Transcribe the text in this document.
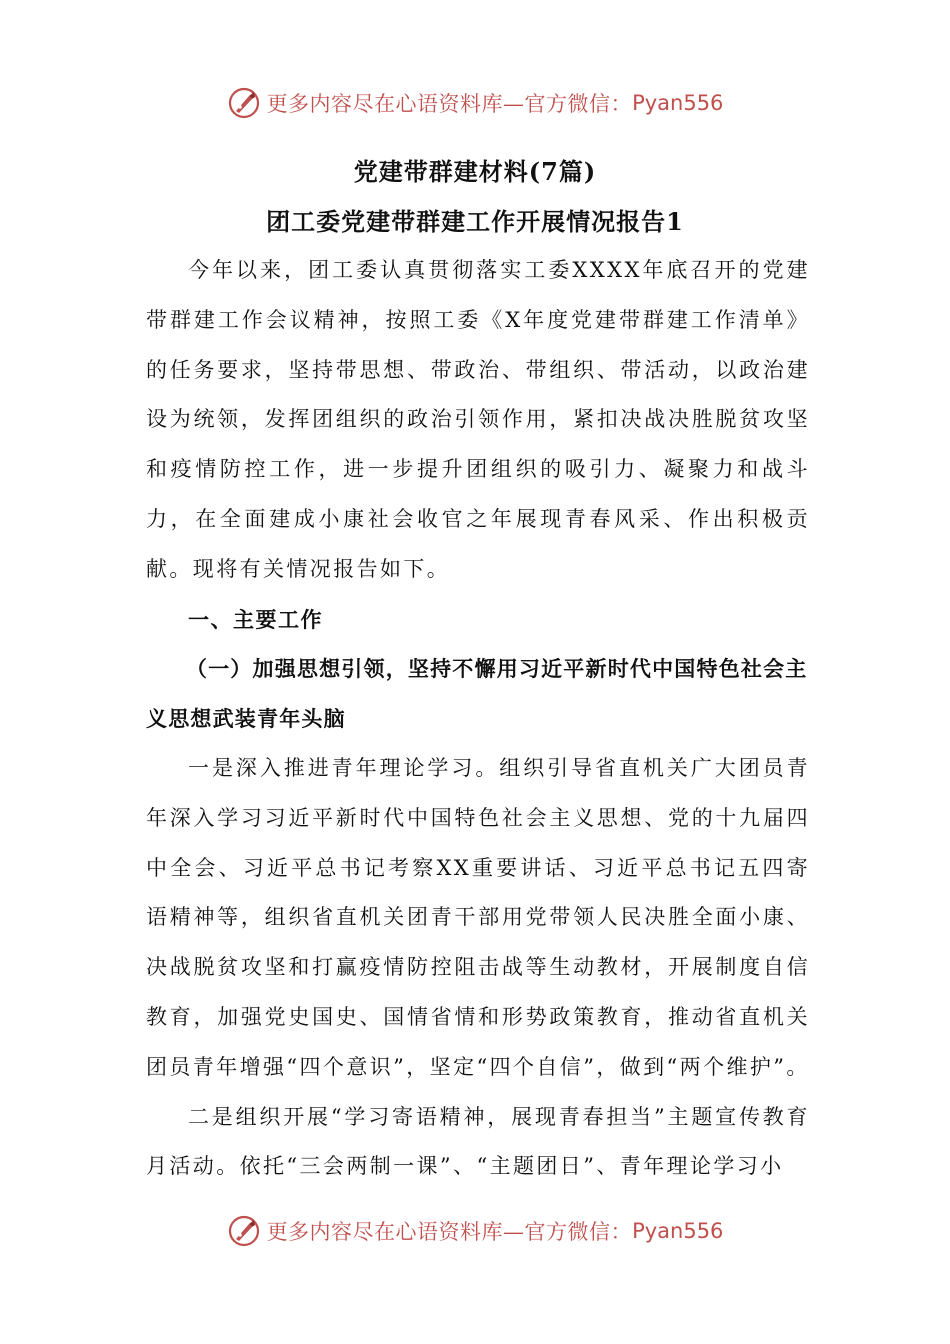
更多内容尽在心语资料库—官方微信： Pyan556
党建带群建材料(7篇)
团工委党建带群建工作开展情况报告1

今年以来，团工委认真贯彻落实工委XXXX年底召开的党建带群建工作会议精神，按照工委《X年度党建带群建工作清单》的任务要求，坚持带思想、带政治、带组织、带活动，以政治建设为统领，发挥团组织的政治引领作用，紧扣决战决胜脱贫攻坚和疫情防控工作，进一步提升团组织的吸引力、凝聚力和战斗力，在全面建成小康社会收官之年展现青春风采、作出积极贡献。现将有关情况报告如下。

一、主要工作

（一）加强思想引领，坚持不懈用习近平新时代中国特色社会主义思想武装青年头脑

一是深入推进青年理论学习。组织引导省直机关广大团员青年深入学习习近平新时代中国特色社会主义思想、党的十九届四中全会、习近平总书记考察XX重要讲话、习近平总书记五四寄语精神等，组织省直机关团青干部用党带领人民决胜全面小康、决战脱贫攻坚和打赢疫情防控阻击战等生动教材，开展制度自信教育，加强党史国史、国情省情和形势政策教育，推动省直机关团员青年增强“四个意识”，坚定“四个自信”，做到“两个维护”。

二是组织开展“学习寄语精神，展现青春担当”主题宣传教育月活动。依托“三会两制一课”、“主题团日”、青年理论学习小

更多内容尽在心语资料库—官方微信： Pyan556
